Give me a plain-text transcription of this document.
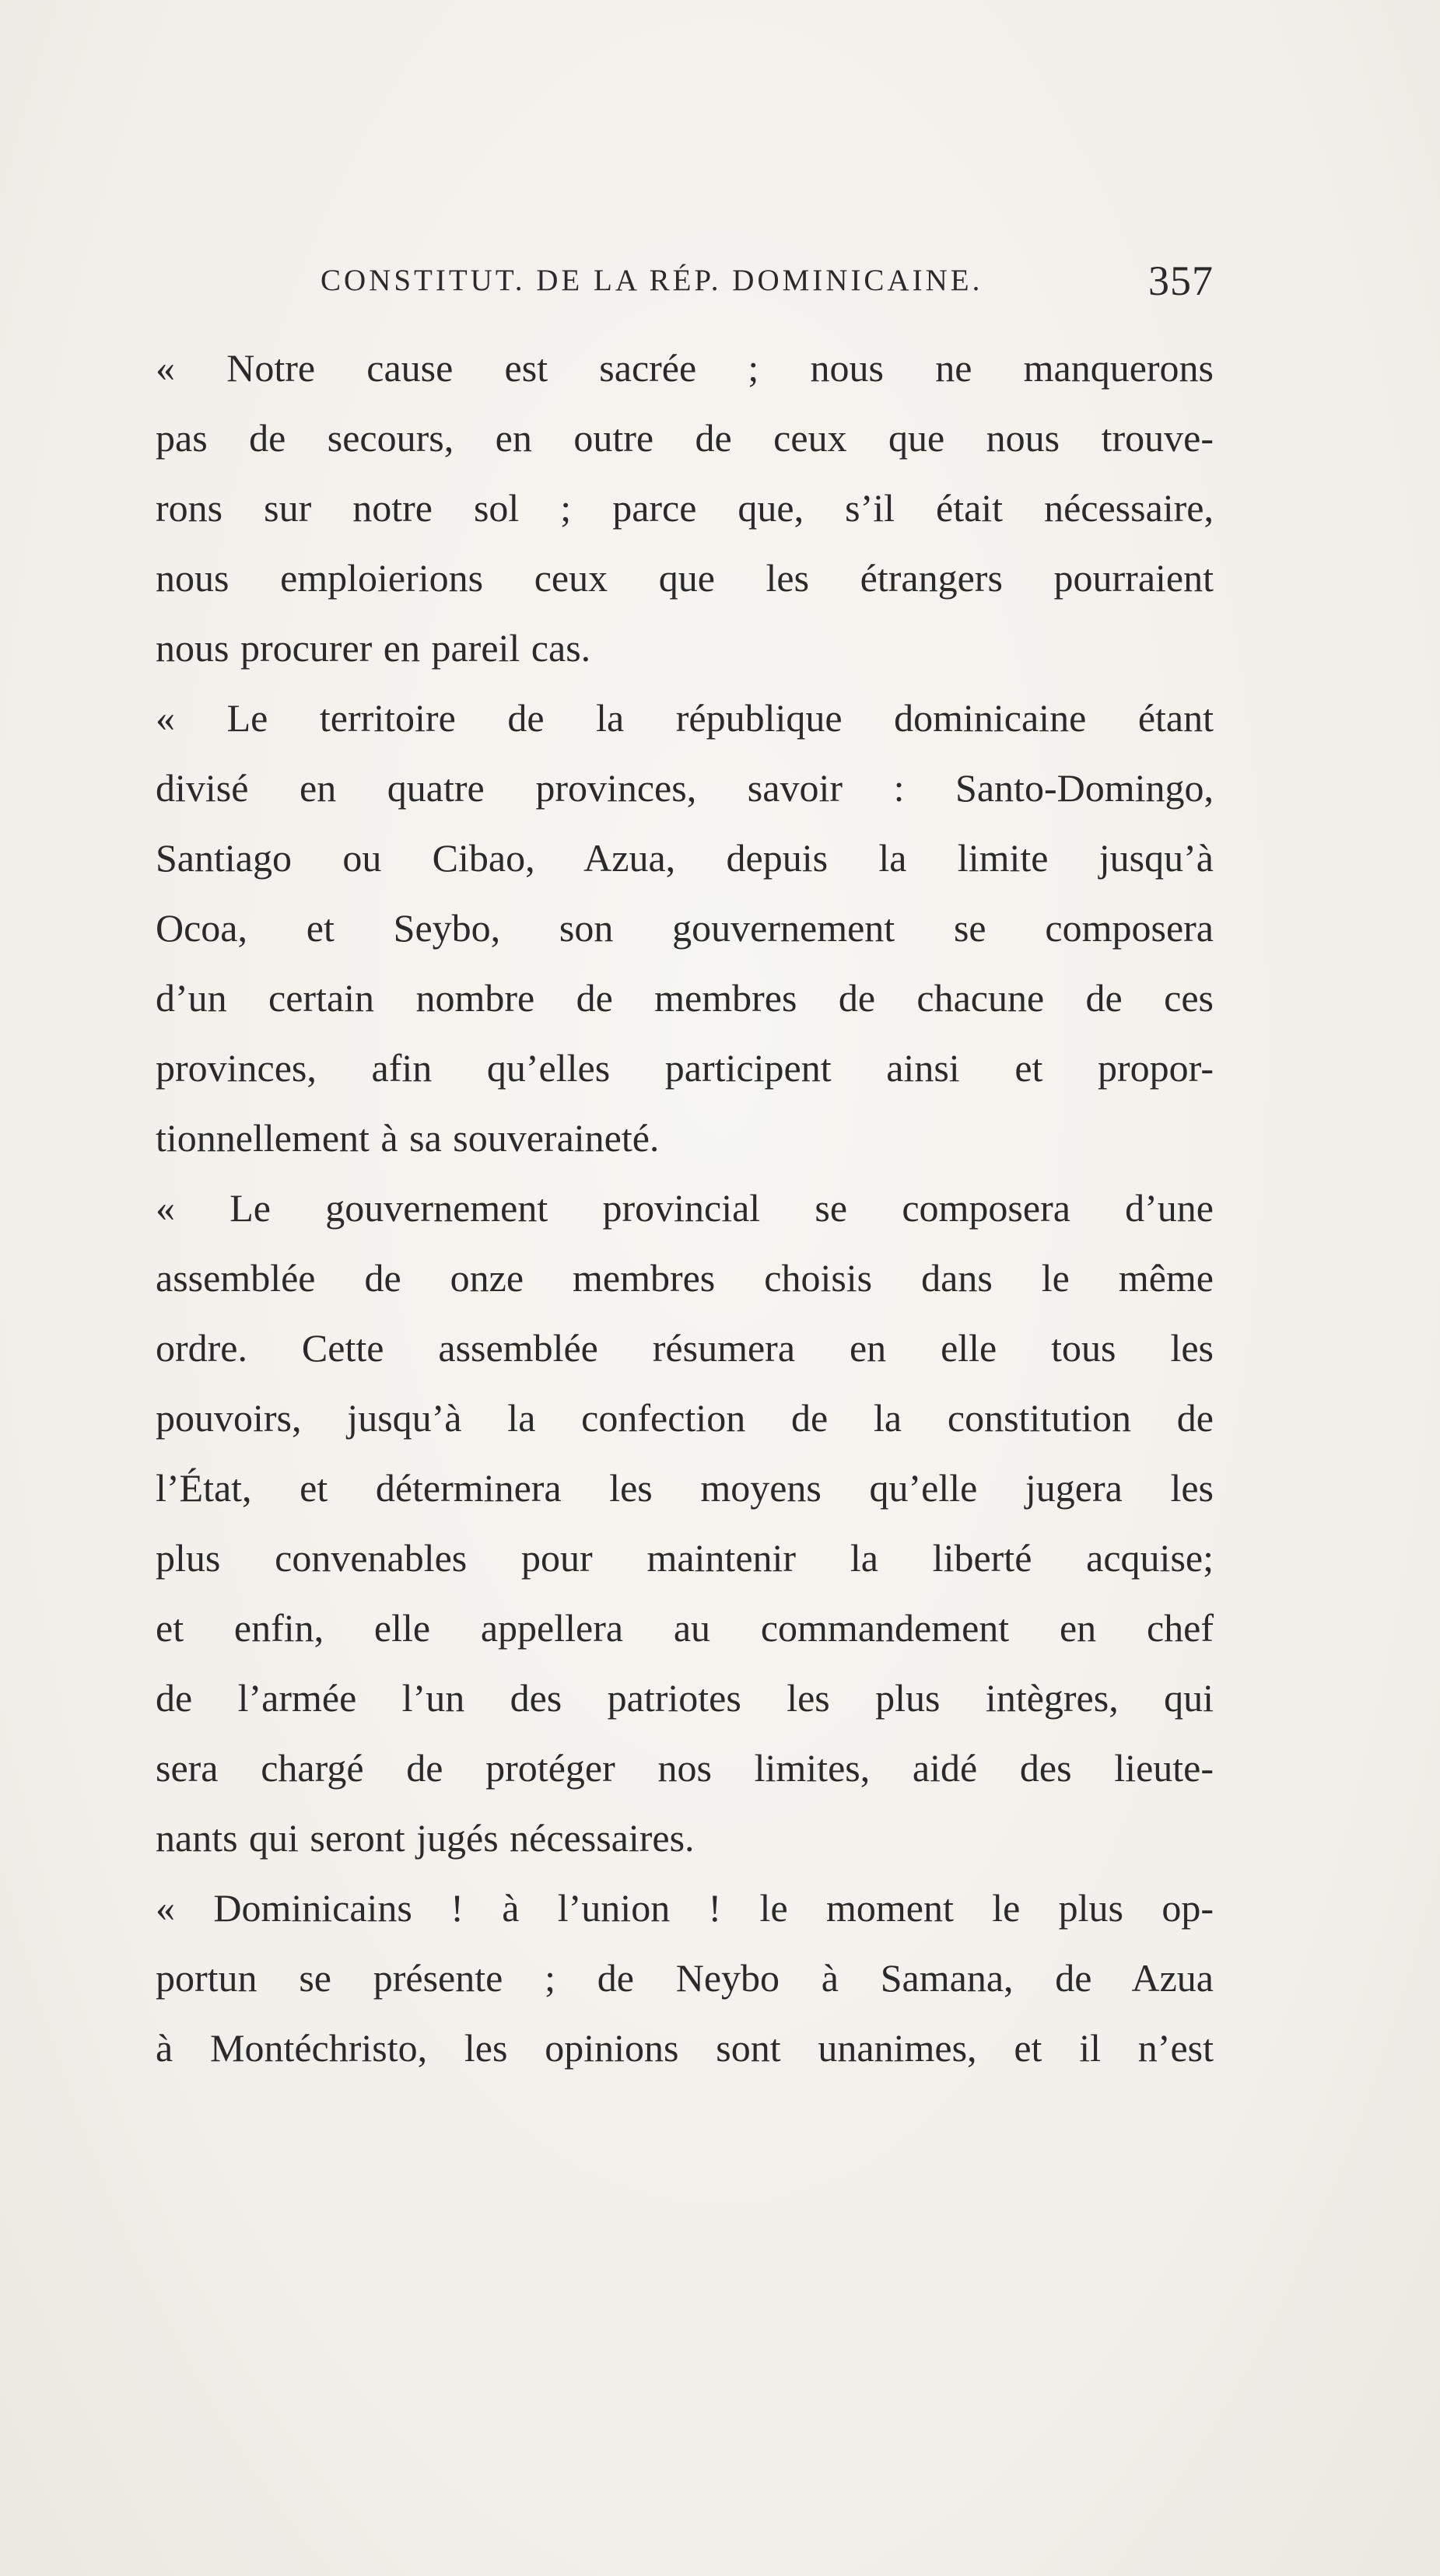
CONSTITUT. DE LA RÉP. DOMINICAINE.	357
« Notre cause est sacrée ; nous ne manquerons
pas de secours, en outre de ceux que nous trouve-
rons sur notre sol ; parce que, s’il était nécessaire,
nous emploierions ceux que les étrangers pourraient
nous procurer en pareil cas.
« Le territoire de la république dominicaine étant
divisé en quatre provinces, savoir : Santo-Domingo,
Santiago ou Cibao, Azua, depuis la limite jusqu’à
Ocoa, et Seybo, son gouvernement se composera
d’un certain nombre de membres de chacune de ces
provinces, afin qu’elles participent ainsi et propor-
tionnellement à sa souveraineté.
« Le gouvernement provincial se composera d’une
assemblée de onze membres choisis dans le même
ordre. Cette assemblée résumera en elle tous les
pouvoirs, jusqu’à la confection de la constitution de
l’État, et déterminera les moyens qu’elle jugera les
plus convenables pour maintenir la liberté acquise;
et enfin, elle appellera au commandement en chef
de l’armée l’un des patriotes les plus intègres, qui
sera chargé de protéger nos limites, aidé des lieute-
nants qui seront jugés nécessaires.
« Dominicains ! à l’union ! le moment le plus op-
portun se présente ; de Neybo à Samana, de Azua
à Montéchristo, les opinions sont unanimes, et il n’est
